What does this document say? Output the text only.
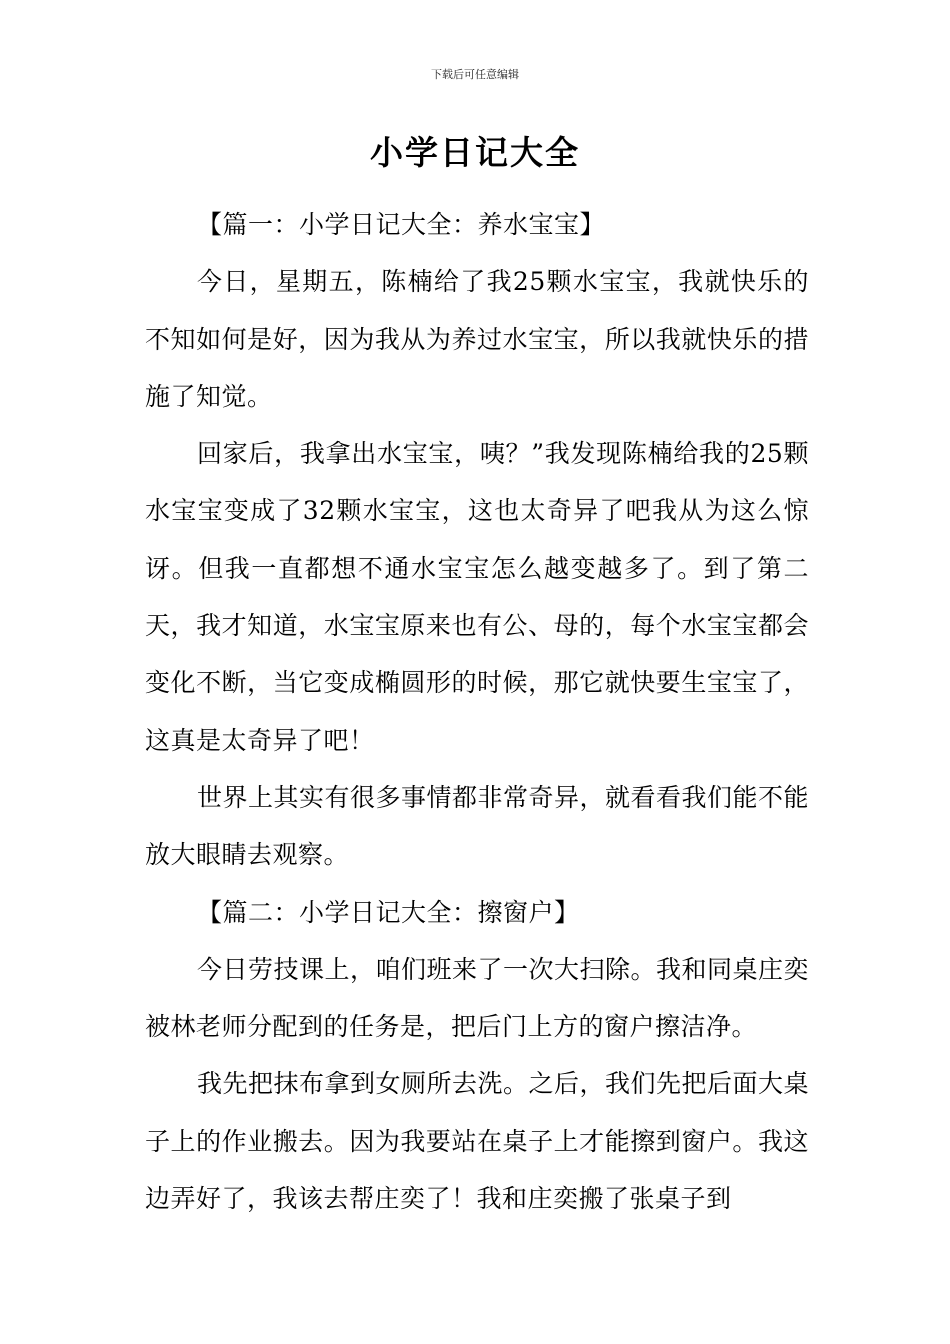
下载后可任意编辑
小学日记大全

【篇一：小学日记大全：养水宝宝】

今日，星期五，陈楠给了我25颗水宝宝，我就快乐的不知如何是好，因为我从为养过水宝宝，所以我就快乐的措施了知觉。

回家后，我拿出水宝宝，咦？”我发现陈楠给我的25颗水宝宝变成了32颗水宝宝，这也太奇异了吧我从为这么惊讶。但我一直都想不通水宝宝怎么越变越多了。到了第二天，我才知道，水宝宝原来也有公、母的，每个水宝宝都会变化不断，当它变成椭圆形的时候，那它就快要生宝宝了，这真是太奇异了吧！

世界上其实有很多事情都非常奇异，就看看我们能不能放大眼睛去观察。

【篇二：小学日记大全：擦窗户】

今日劳技课上，咱们班来了一次大扫除。我和同桌庄奕被林老师分配到的任务是，把后门上方的窗户擦洁净。

我先把抹布拿到女厕所去洗。之后，我们先把后面大桌子上的作业搬去。因为我要站在桌子上才能擦到窗户。我这边弄好了，我该去帮庄奕了！我和庄奕搬了张桌子到
